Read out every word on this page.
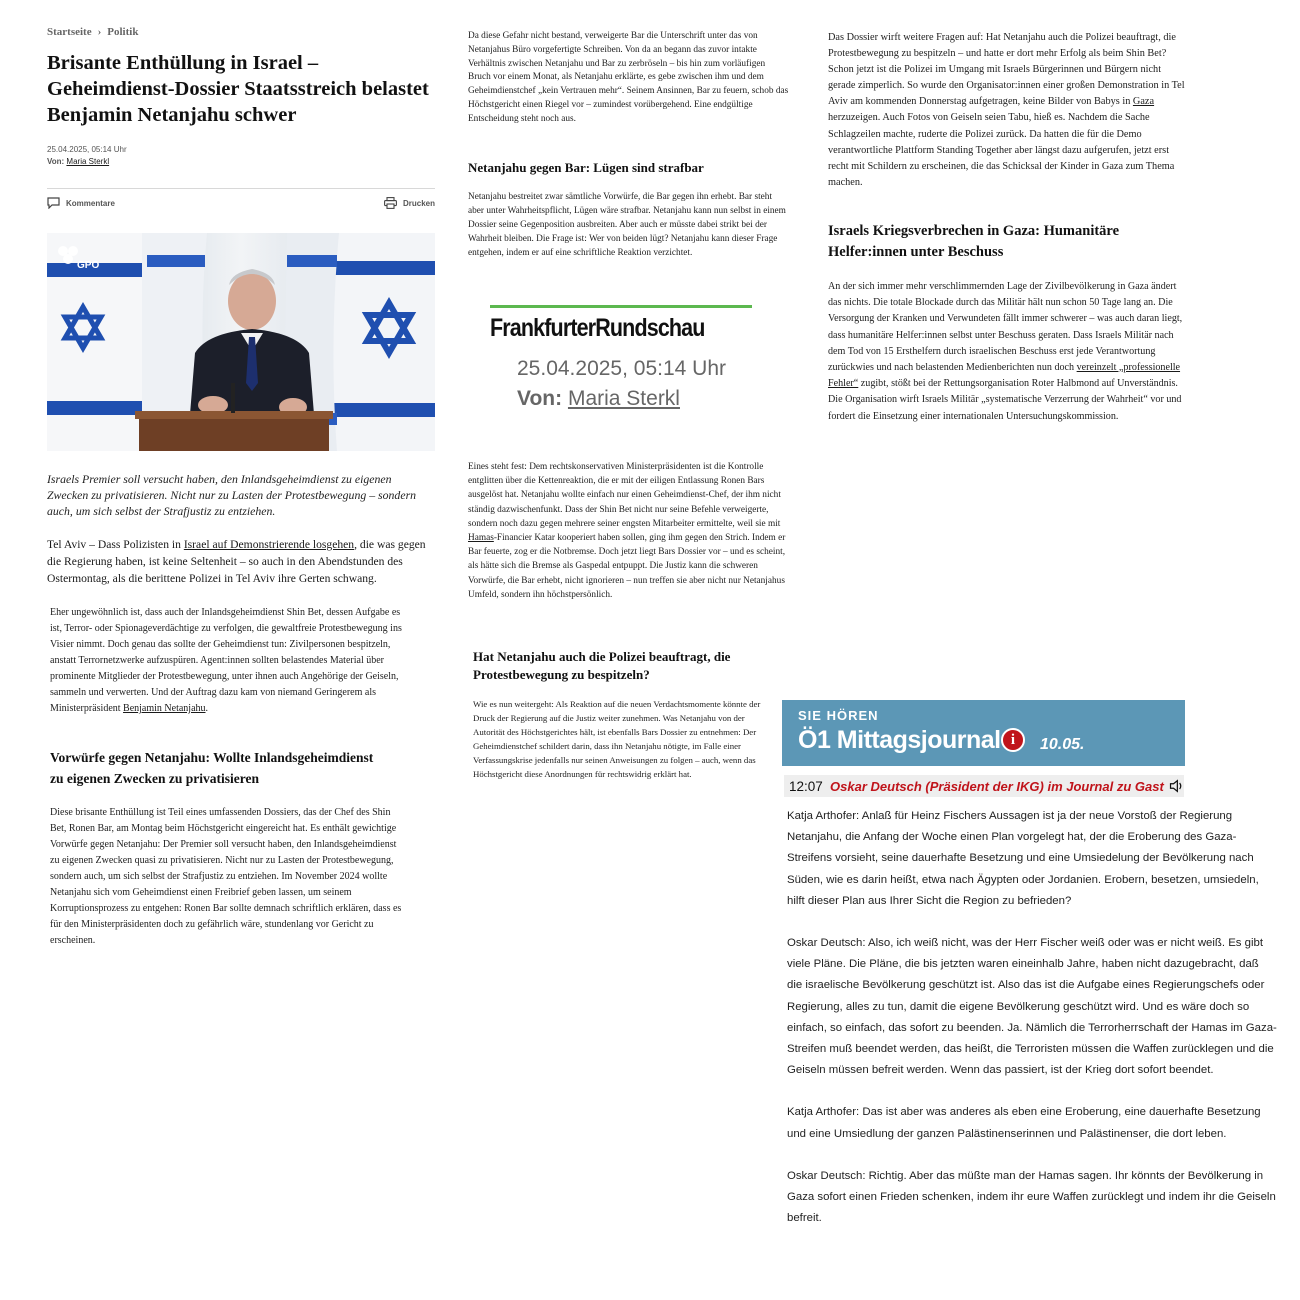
Startseite › Politik
Brisante Enthüllung in Israel – Geheimdienst-Dossier Staatsstreich belastet Benjamin Netanjahu schwer
25.04.2025, 05:14 Uhr
Von: Maria Sterkl
Kommentare	Drucken
GPO

Israels Premier soll versucht haben, den Inlandsgeheimdienst zu eigenen Zwecken zu privatisieren. Nicht nur zu Lasten der Protestbewegung – sondern auch, um sich selbst der Strafjustiz zu entziehen.

Tel Aviv – Dass Polizisten in Israel auf Demonstrierende losgehen, die was gegen die Regierung haben, ist keine Seltenheit – so auch in den Abendstunden des Ostermontag, als die berittene Polizei in Tel Aviv ihre Gerten schwang.

Eher ungewöhnlich ist, dass auch der Inlandsgeheimdienst Shin Bet, dessen Aufgabe es ist, Terror- oder Spionageverdächtige zu verfolgen, die gewaltfreie Protestbewegung ins Visier nimmt. Doch genau das sollte der Geheimdienst tun: Zivilpersonen bespitzeln, anstatt Terrornetzwerke aufzuspüren. Agent:innen sollten belastendes Material über prominente Mitglieder der Protestbewegung, unter ihnen auch Angehörige der Geiseln, sammeln und verwerten. Und der Auftrag dazu kam von niemand Geringerem als Ministerpräsident Benjamin Netanjahu.

Vorwürfe gegen Netanjahu: Wollte Inlandsgeheimdienst zu eigenen Zwecken zu privatisieren

Diese brisante Enthüllung ist Teil eines umfassenden Dossiers, das der Chef des Shin Bet, Ronen Bar, am Montag beim Höchstgericht eingereicht hat. Es enthält gewichtige Vorwürfe gegen Netanjahu: Der Premier soll versucht haben, den Inlandsgeheimdienst zu eigenen Zwecken quasi zu privatisieren. Nicht nur zu Lasten der Protestbewegung, sondern auch, um sich selbst der Strafjustiz zu entziehen. Im November 2024 wollte Netanjahu sich vom Geheimdienst einen Freibrief geben lassen, um seinem Korruptionsprozess zu entgehen: Ronen Bar sollte demnach schriftlich erklären, dass es für den Ministerpräsidenten doch zu gefährlich wäre, stundenlang vor Gericht zu erscheinen.

Da diese Gefahr nicht bestand, verweigerte Bar die Unterschrift unter das von Netanjahus Büro vorgefertigte Schreiben. Von da an begann das zuvor intakte Verhältnis zwischen Netanjahu und Bar zu zerbröseln – bis hin zum vorläufigen Bruch vor einem Monat, als Netanjahu erklärte, es gebe zwischen ihm und dem Geheimdienstchef „kein Vertrauen mehr“. Seinem Ansinnen, Bar zu feuern, schob das Höchstgericht einen Riegel vor – zumindest vorübergehend. Eine endgültige Entscheidung steht noch aus.

Netanjahu gegen Bar: Lügen sind strafbar

Netanjahu bestreitet zwar sämtliche Vorwürfe, die Bar gegen ihn erhebt. Bar steht aber unter Wahrheitspflicht, Lügen wäre strafbar. Netanjahu kann nun selbst in einem Dossier seine Gegenposition ausbreiten. Aber auch er müsste dabei strikt bei der Wahrheit bleiben. Die Frage ist: Wer von beiden lügt? Netanjahu kann dieser Frage entgehen, indem er auf eine schriftliche Reaktion verzichtet.

FrankfurterRundschau
25.04.2025, 05:14 Uhr
Von: Maria Sterkl

Eines steht fest: Dem rechtskonservativen Ministerpräsidenten ist die Kontrolle entglitten über die Kettenreaktion, die er mit der eiligen Entlassung Ronen Bars ausgelöst hat. Netanjahu wollte einfach nur einen Geheimdienst-Chef, der ihm nicht ständig dazwischenfunkt. Dass der Shin Bet nicht nur seine Befehle verweigerte, sondern noch dazu gegen mehrere seiner engsten Mitarbeiter ermittelte, weil sie mit Hamas-Financier Katar kooperiert haben sollen, ging ihm gegen den Strich. Indem er Bar feuerte, zog er die Notbremse. Doch jetzt liegt Bars Dossier vor – und es scheint, als hätte sich die Bremse als Gaspedal entpuppt. Die Justiz kann die schweren Vorwürfe, die Bar erhebt, nicht ignorieren – nun treffen sie aber nicht nur Netanjahus Umfeld, sondern ihn höchstpersönlich.

Hat Netanjahu auch die Polizei beauftragt, die Protestbewegung zu bespitzeln?

Wie es nun weitergeht: Als Reaktion auf die neuen Verdachtsmomente könnte der Druck der Regierung auf die Justiz weiter zunehmen. Was Netanjahu von der Autorität des Höchstgerichtes hält, ist ebenfalls Bars Dossier zu entnehmen: Der Geheimdienstchef schildert darin, dass ihn Netanjahu nötigte, im Falle einer Verfassungskrise jedenfalls nur seinen Anweisungen zu folgen – auch, wenn das Höchstgericht diese Anordnungen für rechtswidrig erklärt hat.

Das Dossier wirft weitere Fragen auf: Hat Netanjahu auch die Polizei beauftragt, die Protestbewegung zu bespitzeln – und hatte er dort mehr Erfolg als beim Shin Bet? Schon jetzt ist die Polizei im Umgang mit Israels Bürgerinnen und Bürgern nicht gerade zimperlich. So wurde den Organisator:innen einer großen Demonstration in Tel Aviv am kommenden Donnerstag aufgetragen, keine Bilder von Babys in Gaza herzuzeigen. Auch Fotos von Geiseln seien Tabu, hieß es. Nachdem die Sache Schlagzeilen machte, ruderte die Polizei zurück. Da hatten die für die Demo verantwortliche Plattform Standing Together aber längst dazu aufgerufen, jetzt erst recht mit Schildern zu erscheinen, die das Schicksal der Kinder in Gaza zum Thema machen.

Israels Kriegsverbrechen in Gaza: Humanitäre Helfer:innen unter Beschuss

An der sich immer mehr verschlimmernden Lage der Zivilbevölkerung in Gaza ändert das nichts. Die totale Blockade durch das Militär hält nun schon 50 Tage lang an. Die Versorgung der Kranken und Verwundeten fällt immer schwerer – was auch daran liegt, dass humanitäre Helfer:innen selbst unter Beschuss geraten. Dass Israels Militär nach dem Tod von 15 Ersthelfern durch israelischen Beschuss erst jede Verantwortung zurückwies und nach belastenden Medienberichten nun doch vereinzelt „professionelle Fehler“ zugibt, stößt bei der Rettungsorganisation Roter Halbmond auf Unverständnis. Die Organisation wirft Israels Militär „systematische Verzerrung der Wahrheit“ vor und fordert die Einsetzung einer internationalen Untersuchungskommission.

SIE HÖREN
Ö1 Mittagsjournal i	10.05.
12:07 Oskar Deutsch (Präsident der IKG) im Journal zu Gast

Katja Arthofer: Anlaß für Heinz Fischers Aussagen ist ja der neue Vorstoß der Regierung Netanjahu, die Anfang der Woche einen Plan vorgelegt hat, der die Eroberung des Gaza-Streifens vorsieht, seine dauerhafte Besetzung und eine Umsiedelung der Bevölkerung nach Süden, wie es darin heißt, etwa nach Ägypten oder Jordanien. Erobern, besetzen, umsiedeln, hilft dieser Plan aus Ihrer Sicht die Region zu befrieden?

Oskar Deutsch: Also, ich weiß nicht, was der Herr Fischer weiß oder was er nicht weiß. Es gibt viele Pläne. Die Pläne, die bis jetzten waren eineinhalb Jahre, haben nicht dazugebracht, daß die israelische Bevölkerung geschützt ist. Also das ist die Aufgabe eines Regierungschefs oder Regierung, alles zu tun, damit die eigene Bevölkerung geschützt wird. Und es wäre doch so einfach, so einfach, das sofort zu beenden. Ja. Nämlich die Terrorherrschaft der Hamas im Gaza-Streifen muß beendet werden, das heißt, die Terroristen müssen die Waffen zurücklegen und die Geiseln müssen befreit werden. Wenn das passiert, ist der Krieg dort sofort beendet.

Katja Arthofer: Das ist aber was anderes als eben eine Eroberung, eine dauerhafte Besetzung und eine Umsiedlung der ganzen Palästinenserinnen und Palästinenser, die dort leben.

Oskar Deutsch: Richtig. Aber das müßte man der Hamas sagen. Ihr könnts der Bevölkerung in Gaza sofort einen Frieden schenken, indem ihr eure Waffen zurücklegt und indem ihr die Geiseln befreit.
